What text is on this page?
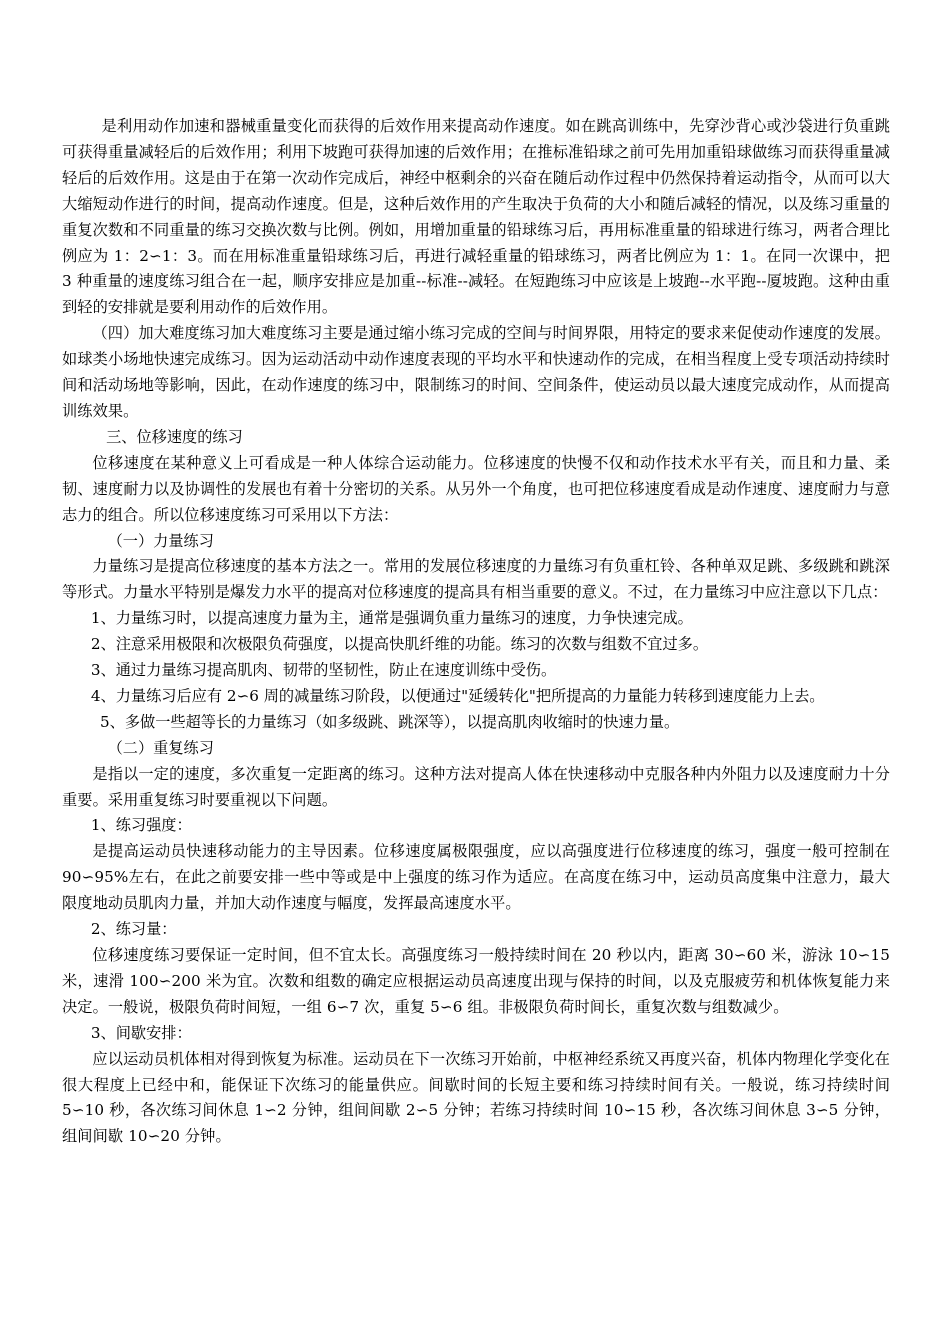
是利用动作加速和器械重量变化而获得的后效作用来提高动作速度。如在跳高训练中，先穿沙背心或沙袋进行负重跳可获得重量减轻后的后效作用；利用下坡跑可获得加速的后效作用；在推标准铅球之前可先用加重铅球做练习而获得重量减轻后的后效作用。这是由于在第一次动作完成后，神经中枢剩余的兴奋在随后动作过程中仍然保持着运动指令，从而可以大大缩短动作进行的时间，提高动作速度。但是，这种后效作用的产生取决于负荷的大小和随后减轻的情况，以及练习重量的重复次数和不同重量的练习交换次数与比例。例如，用增加重量的铅球练习后，再用标准重量的铅球进行练习，两者合理比例应为 1：2∽1：3。而在用标准重量铅球练习后，再进行减轻重量的铅球练习，两者比例应为 1：1。在同一次课中，把 3 种重量的速度练习组合在一起，顺序安排应是加重--标准--减轻。在短跑练习中应该是上坡跑--水平跑--厦坡跑。这种由重到轻的安排就是要利用动作的后效作用。

（四）加大难度练习加大难度练习主要是通过缩小练习完成的空间与时间界限，用特定的要求来促使动作速度的发展。如球类小场地快速完成练习。因为运动活动中动作速度表现的平均水平和快速动作的完成，在相当程度上受专项活动持续时间和活动场地等影响，因此，在动作速度的练习中，限制练习的时间、空间条件，使运动员以最大速度完成动作，从而提高训练效果。

三、位移速度的练习

位移速度在某种意义上可看成是一种人体综合运动能力。位移速度的快慢不仅和动作技术水平有关，而且和力量、柔韧、速度耐力以及协调性的发展也有着十分密切的关系。从另外一个角度，也可把位移速度看成是动作速度、速度耐力与意志力的组合。所以位移速度练习可采用以下方法：

（一）力量练习

力量练习是提高位移速度的基本方法之一。常用的发展位移速度的力量练习有负重杠铃、各种单双足跳、多级跳和跳深等形式。力量水平特别是爆发力水平的提高对位移速度的提高具有相当重要的意义。不过，在力量练习中应注意以下几点：

1、力量练习时，以提高速度力量为主，通常是强调负重力量练习的速度，力争快速完成。

2、注意采用极限和次极限负荷强度，以提高快肌纤维的功能。练习的次数与组数不宜过多。

3、通过力量练习提高肌肉、韧带的坚韧性，防止在速度训练中受伤。

4、力量练习后应有 2∽6 周的减量练习阶段，以便通过"延缓转化"把所提高的力量能力转移到速度能力上去。

5、多做一些超等长的力量练习（如多级跳、跳深等），以提高肌肉收缩时的快速力量。

（二）重复练习

是指以一定的速度，多次重复一定距离的练习。这种方法对提高人体在快速移动中克服各种内外阻力以及速度耐力十分重要。采用重复练习时要重视以下问题。

1、练习强度：

是提高运动员快速移动能力的主导因素。位移速度属极限强度，应以高强度进行位移速度的练习，强度一般可控制在 90∽95%左右，在此之前要安排一些中等或是中上强度的练习作为适应。在高度在练习中，运动员高度集中注意力，最大限度地动员肌肉力量，并加大动作速度与幅度，发挥最高速度水平。

2、练习量：

位移速度练习要保证一定时间，但不宜太长。高强度练习一般持续时间在 20 秒以内，距离 30∽60 米，游泳 10∽15 米，速滑 100∽200 米为宜。次数和组数的确定应根据运动员高速度出现与保持的时间，以及克服疲劳和机体恢复能力来决定。一般说，极限负荷时间短，一组 6∽7 次，重复 5∽6 组。非极限负荷时间长，重复次数与组数减少。

3、间歇安排：

应以运动员机体相对得到恢复为标准。运动员在下一次练习开始前，中枢神经系统又再度兴奋，机体内物理化学变化在很大程度上已经中和，能保证下次练习的能量供应。间歇时间的长短主要和练习持续时间有关。一般说，练习持续时间 5∽10 秒，各次练习间休息 1∽2 分钟，组间间歇 2∽5 分钟；若练习持续时间 10∽15 秒，各次练习间休息 3∽5 分钟，组间间歇 10∽20 分钟。
